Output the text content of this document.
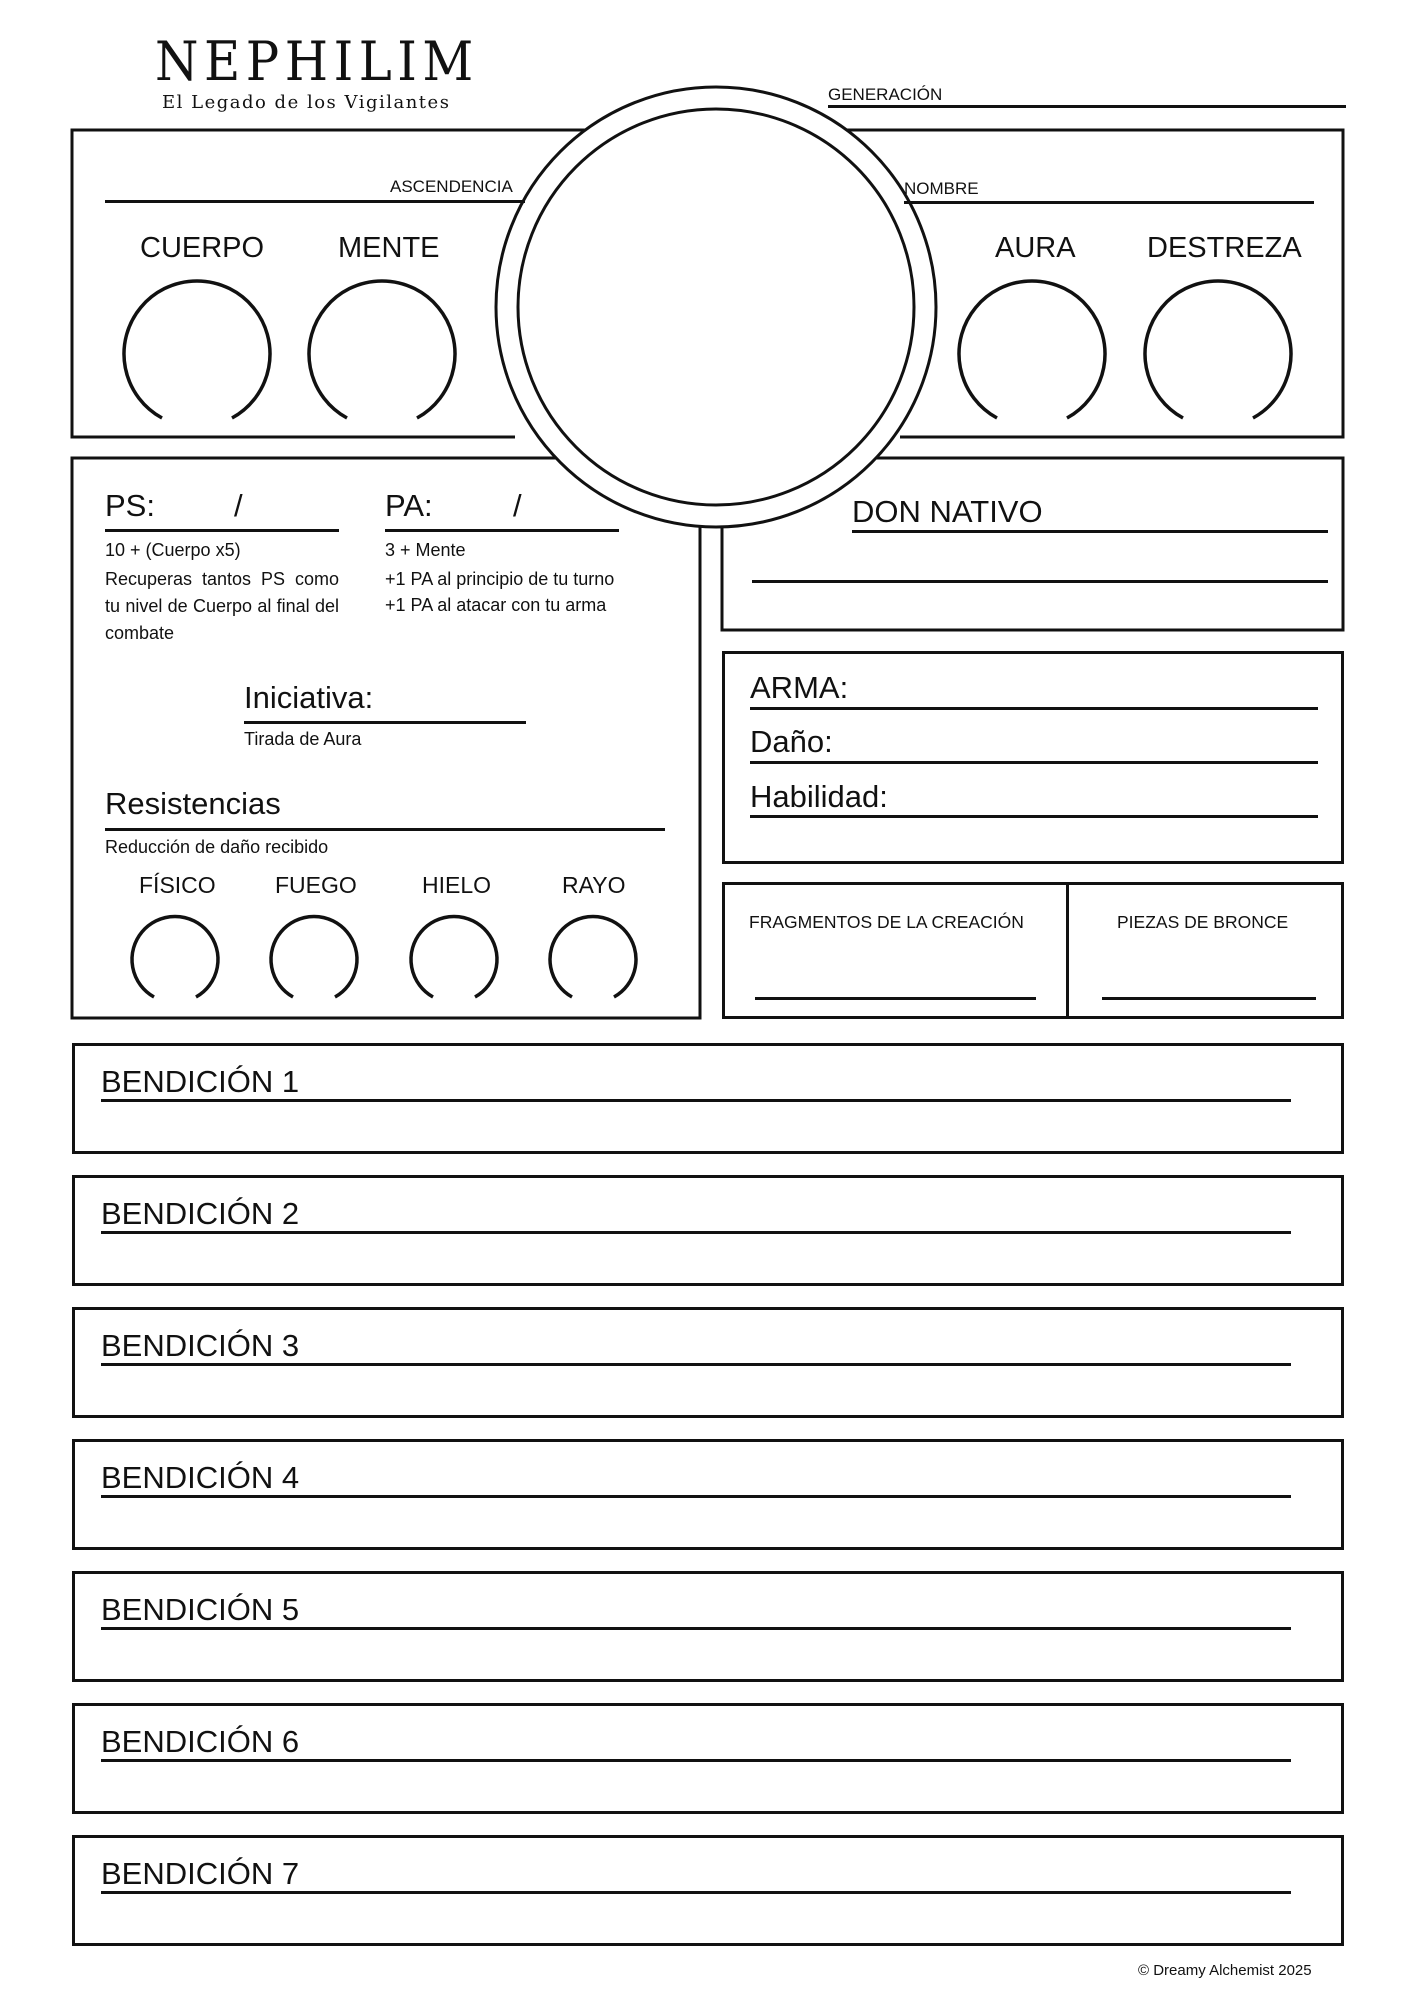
NEPHILIM
El Legado de los Vigilantes	GENERACIÓN
ASCENDENCIA	NOMBRE
CUERPO	MENTE	AURA DESTREZA
PS:	/
10 + (Cuerpo x5)
Recuperas tantos PS como tu nivel de Cuerpo al final del combate
PA:	/
3 + Mente
+1 PA al principio de tu turno
+1 PA al atacar con tu arma
Iniciativa:
Tirada de Aura
Resistencias
Reducción de daño recibido
FÍSICO	FUEGO	HIELO	RAYO
DON NATIVO
ARMA:
Daño:
Habilidad:
FRAGMENTOS DE LA CREACIÓN	PIEZAS DE BRONCE
BENDICIÓN 1
BENDICIÓN 2
BENDICIÓN 3
BENDICIÓN 4
BENDICIÓN 5
BENDICIÓN 6
BENDICIÓN 7
© Dreamy Alchemist 2025
